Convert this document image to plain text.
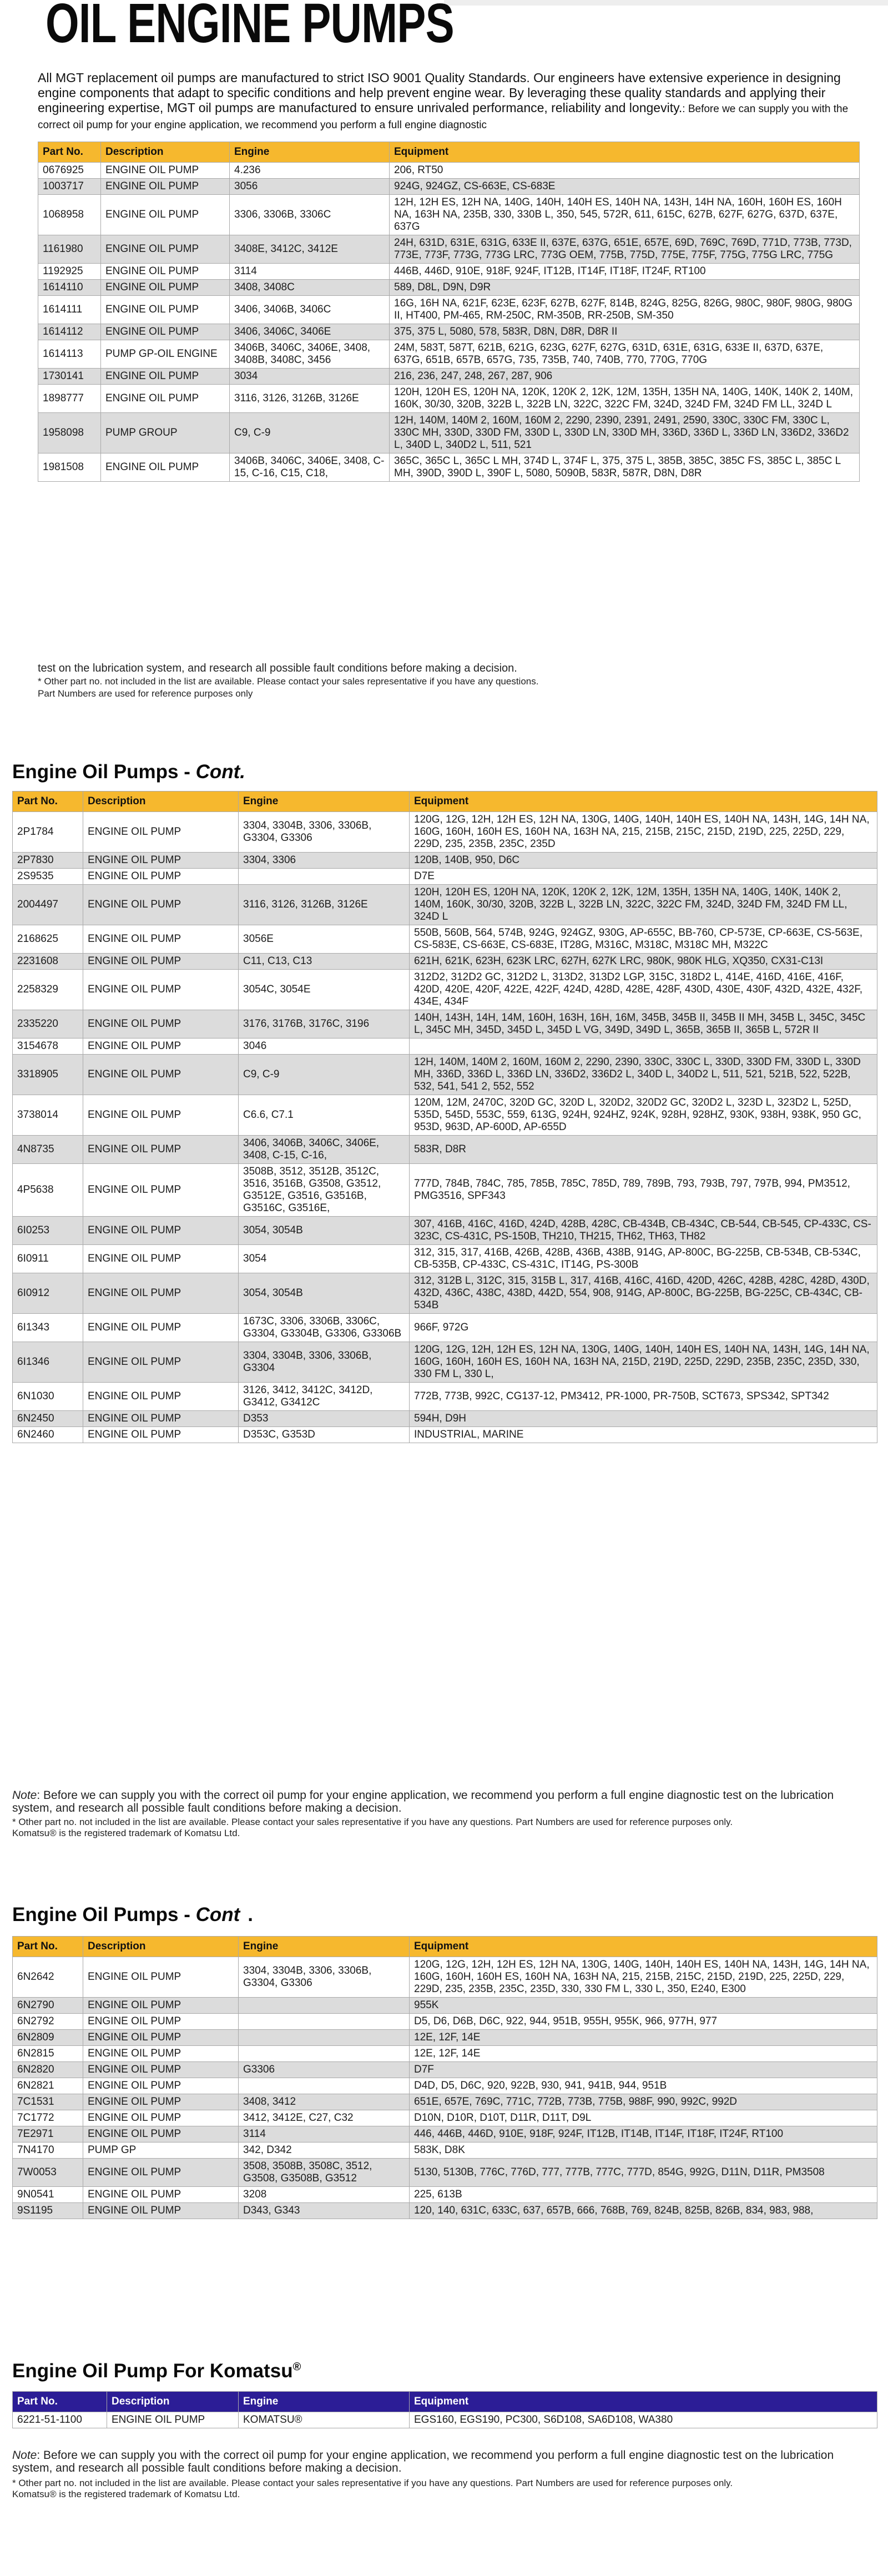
OIL ENGINE PUMPS

All MGT replacement oil pumps are manufactured to strict ISO 9001 Quality Standards. Our engineers have extensive experience in designing engine components that adapt to specific conditions and help prevent engine wear. By leveraging these quality standards and applying their engineering expertise, MGT oil pumps are manufactured to ensure unrivaled performance, reliability and longevity.: Before we can supply you with the correct oil pump for your engine application, we recommend you perform a full engine diagnostic

Part No.	Description	Engine	Equipment
0676925	ENGINE OIL PUMP	4.236	206, RT50
1003717	ENGINE OIL PUMP	3056	924G, 924GZ, CS-663E, CS-683E
1068958	ENGINE OIL PUMP	3306, 3306B, 3306C	12H, 12H ES, 12H NA, 140G, 140H, 140H ES, 140H NA, 143H, 14H NA, 160H, 160H ES, 160H NA, 163H NA, 235B, 330, 330B L, 350, 545, 572R, 611, 615C, 627B, 627F, 627G, 637D, 637E, 637G
1161980	ENGINE OIL PUMP	3408E, 3412C, 3412E	24H, 631D, 631E, 631G, 633E II, 637E, 637G, 651E, 657E, 69D, 769C, 769D, 771D, 773B, 773D, 773E, 773F, 773G, 773G LRC, 773G OEM, 775B, 775D, 775E, 775F, 775G, 775G LRC, 775G
1192925	ENGINE OIL PUMP	3114	446B, 446D, 910E, 918F, 924F, IT12B, IT14F, IT18F, IT24F, RT100
1614110	ENGINE OIL PUMP	3408, 3408C	589, D8L, D9N, D9R
1614111	ENGINE OIL PUMP	3406, 3406B, 3406C	16G, 16H NA, 621F, 623E, 623F, 627B, 627F, 814B, 824G, 825G, 826G, 980C, 980F, 980G, 980G II, HT400, PM-465, RM-250C, RM-350B, RR-250B, SM-350
1614112	ENGINE OIL PUMP	3406, 3406C, 3406E	375, 375 L, 5080, 578, 583R, D8N, D8R, D8R II
1614113	PUMP GP-OIL ENGINE	3406B, 3406C, 3406E, 3408, 3408B, 3408C, 3456	24M, 583T, 587T, 621B, 621G, 623G, 627F, 627G, 631D, 631E, 631G, 633E II, 637D, 637E, 637G, 651B, 657B, 657G, 735, 735B, 740, 740B, 770, 770G, 770G
1730141	ENGINE OIL PUMP	3034	216, 236, 247, 248, 267, 287, 906
1898777	ENGINE OIL PUMP	3116, 3126, 3126B, 3126E	120H, 120H ES, 120H NA, 120K, 120K 2, 12K, 12M, 135H, 135H NA, 140G, 140K, 140K 2, 140M, 160K, 30/30, 320B, 322B L, 322B LN, 322C, 322C FM, 324D, 324D FM, 324D FM LL, 324D L
1958098	PUMP GROUP	C9, C-9	12H, 140M, 140M 2, 160M, 160M 2, 2290, 2390, 2391, 2491, 2590, 330C, 330C FM, 330C L, 330C MH, 330D, 330D FM, 330D L, 330D LN, 330D MH, 336D, 336D L, 336D LN, 336D2, 336D2 L, 340D L, 340D2 L, 511, 521
1981508	ENGINE OIL PUMP	3406B, 3406C, 3406E, 3408, C-15, C-16, C15, C18,	365C, 365C L, 365C L MH, 374D L, 374F L, 375, 375 L, 385B, 385C, 385C FS, 385C L, 385C L MH, 390D, 390D L, 390F L, 5080, 5090B, 583R, 587R, D8N, D8R

test on the lubrication system, and research all possible fault conditions before making a decision.

* Other part no. not included in the list are available. Please contact your sales representative if you have any questions.

Part Numbers are used for reference purposes only

Engine Oil Pumps - Cont.
Part No.	Description	Engine	Equipment
2P1784	ENGINE OIL PUMP	3304, 3304B, 3306, 3306B, G3304, G3306	120G, 12G, 12H, 12H ES, 12H NA, 130G, 140G, 140H, 140H ES, 140H NA, 143H, 14G, 14H NA, 160G, 160H, 160H ES, 160H NA, 163H NA, 215, 215B, 215C, 215D, 219D, 225, 225D, 229, 229D, 235, 235B, 235C, 235D
2P7830	ENGINE OIL PUMP	3304, 3306	120B, 140B, 950, D6C
2S9535	ENGINE OIL PUMP		D7E
2004497	ENGINE OIL PUMP	3116, 3126, 3126B, 3126E	120H, 120H ES, 120H NA, 120K, 120K 2, 12K, 12M, 135H, 135H NA, 140G, 140K, 140K 2, 140M, 160K, 30/30, 320B, 322B L, 322B LN, 322C, 322C FM, 324D, 324D FM, 324D FM LL, 324D L
2168625	ENGINE OIL PUMP	3056E	550B, 560B, 564, 574B, 924G, 924GZ, 930G, AP-655C, BB-760, CP-573E, CP-663E, CS-563E, CS-583E, CS-663E, CS-683E, IT28G, M316C, M318C, M318C MH, M322C
2231608	ENGINE OIL PUMP	C11, C13, C13	621H, 621K, 623H, 623K LRC, 627H, 627K LRC, 980K, 980K HLG, XQ350, CX31-C13I
2258329	ENGINE OIL PUMP	3054C, 3054E	312D2, 312D2 GC, 312D2 L, 313D2, 313D2 LGP, 315C, 318D2 L, 414E, 416D, 416E, 416F, 420D, 420E, 420F, 422E, 422F, 424D, 428D, 428E, 428F, 430D, 430E, 430F, 432D, 432E, 432F, 434E, 434F
2335220	ENGINE OIL PUMP	3176, 3176B, 3176C, 3196	140H, 143H, 14H, 14M, 160H, 163H, 16H, 16M, 345B, 345B II, 345B II MH, 345B L, 345C, 345C L, 345C MH, 345D, 345D L, 345D L VG, 349D, 349D L, 365B, 365B II, 365B L, 572R II
3154678	ENGINE OIL PUMP	3046	
3318905	ENGINE OIL PUMP	C9, C-9	12H, 140M, 140M 2, 160M, 160M 2, 2290, 2390, 330C, 330C L, 330D, 330D FM, 330D L, 330D MH, 336D, 336D L, 336D LN, 336D2, 336D2 L, 340D L, 340D2 L, 511, 521, 521B, 522, 522B, 532, 541, 541 2, 552, 552
3738014	ENGINE OIL PUMP	C6.6, C7.1	120M, 12M, 2470C, 320D GC, 320D L, 320D2, 320D2 GC, 320D2 L, 323D L, 323D2 L, 525D, 535D, 545D, 553C, 559, 613G, 924H, 924HZ, 924K, 928H, 928HZ, 930K, 938H, 938K, 950 GC, 953D, 963D, AP-600D, AP-655D
4N8735	ENGINE OIL PUMP	3406, 3406B, 3406C, 3406E, 3408, C-15, C-16,	583R, D8R
4P5638	ENGINE OIL PUMP	3508B, 3512, 3512B, 3512C, 3516, 3516B, G3508, G3512, G3512E, G3516, G3516B, G3516C, G3516E,	777D, 784B, 784C, 785, 785B, 785C, 785D, 789, 789B, 793, 793B, 797, 797B, 994, PM3512, PMG3516, SPF343
6I0253	ENGINE OIL PUMP	3054, 3054B	307, 416B, 416C, 416D, 424D, 428B, 428C, CB-434B, CB-434C, CB-544, CB-545, CP-433C, CS-323C, CS-431C, PS-150B, TH210, TH215, TH62, TH63, TH82
6I0911	ENGINE OIL PUMP	3054	312, 315, 317, 416B, 426B, 428B, 436B, 438B, 914G, AP-800C, BG-225B, CB-534B, CB-534C, CB-535B, CP-433C, CS-431C, IT14G, PS-300B
6I0912	ENGINE OIL PUMP	3054, 3054B	312, 312B L, 312C, 315, 315B L, 317, 416B, 416C, 416D, 420D, 426C, 428B, 428C, 428D, 430D, 432D, 436C, 438C, 438D, 442D, 554, 908, 914G, AP-800C, BG-225B, BG-225C, CB-434C, CB-534B
6I1343	ENGINE OIL PUMP	1673C, 3306, 3306B, 3306C, G3304, G3304B, G3306, G3306B	966F, 972G
6I1346	ENGINE OIL PUMP	3304, 3304B, 3306, 3306B, G3304	120G, 12G, 12H, 12H ES, 12H NA, 130G, 140G, 140H, 140H ES, 140H NA, 143H, 14G, 14H NA, 160G, 160H, 160H ES, 160H NA, 163H NA, 215D, 219D, 225D, 229D, 235B, 235C, 235D, 330, 330 FM L, 330 L,
6N1030	ENGINE OIL PUMP	3126, 3412, 3412C, 3412D, G3412, G3412C	772B, 773B, 992C, CG137-12, PM3412, PR-1000, PR-750B, SCT673, SPS342, SPT342
6N2450	ENGINE OIL PUMP	D353	594H, D9H
6N2460	ENGINE OIL PUMP	D353C, G353D	INDUSTRIAL, MARINE

Note: Before we can supply you with the correct oil pump for your engine application, we recommend you perform a full engine diagnostic test on the lubrication system, and research all possible fault conditions before making a decision.

* Other part no. not included in the list are available. Please contact your sales representative if you have any questions. Part Numbers are used for reference purposes only.

Komatsu® is the registered trademark of Komatsu Ltd.

Engine Oil Pumps - Cont .
Part No.	Description	Engine	Equipment
6N2642	ENGINE OIL PUMP	3304, 3304B, 3306, 3306B, G3304, G3306	120G, 12G, 12H, 12H ES, 12H NA, 130G, 140G, 140H, 140H ES, 140H NA, 143H, 14G, 14H NA, 160G, 160H, 160H ES, 160H NA, 163H NA, 215, 215B, 215C, 215D, 219D, 225, 225D, 229, 229D, 235, 235B, 235C, 235D, 330, 330 FM L, 330 L, 350, E240, E300
6N2790	ENGINE OIL PUMP		955K
6N2792	ENGINE OIL PUMP		D5, D6, D6B, D6C, 922, 944, 951B, 955H, 955K, 966, 977H, 977
6N2809	ENGINE OIL PUMP		12E, 12F, 14E
6N2815	ENGINE OIL PUMP		12E, 12F, 14E
6N2820	ENGINE OIL PUMP	G3306	D7F
6N2821	ENGINE OIL PUMP		D4D, D5, D6C, 920, 922B, 930, 941, 941B, 944, 951B
7C1531	ENGINE OIL PUMP	3408, 3412	651E, 657E, 769C, 771C, 772B, 773B, 775B, 988F, 990, 992C, 992D
7C1772	ENGINE OIL PUMP	3412, 3412E, C27, C32	D10N, D10R, D10T, D11R, D11T, D9L
7E2971	ENGINE OIL PUMP	3114	446, 446B, 446D, 910E, 918F, 924F, IT12B, IT14B, IT14F, IT18F, IT24F, RT100
7N4170	PUMP GP	342, D342	583K, D8K
7W0053	ENGINE OIL PUMP	3508, 3508B, 3508C, 3512, G3508, G3508B, G3512	5130, 5130B, 776C, 776D, 777, 777B, 777C, 777D, 854G, 992G, D11N, D11R, PM3508
9N0541	ENGINE OIL PUMP	3208	225, 613B
9S1195	ENGINE OIL PUMP	D343, G343	120, 140, 631C, 633C, 637, 657B, 666, 768B, 769, 824B, 825B, 826B, 834, 983, 988,
Engine Oil Pump For Komatsu®
Part No.	Description	Engine	Equipment
6221-51-1100	ENGINE OIL PUMP	KOMATSU®	EGS160, EGS190, PC300, S6D108, SA6D108, WA380

Note: Before we can supply you with the correct oil pump for your engine application, we recommend you perform a full engine diagnostic test on the lubrication system, and research all possible fault conditions before making a decision.

* Other part no. not included in the list are available. Please contact your sales representative if you have any questions. Part Numbers are used for reference purposes only.

Komatsu® is the registered trademark of Komatsu Ltd.
